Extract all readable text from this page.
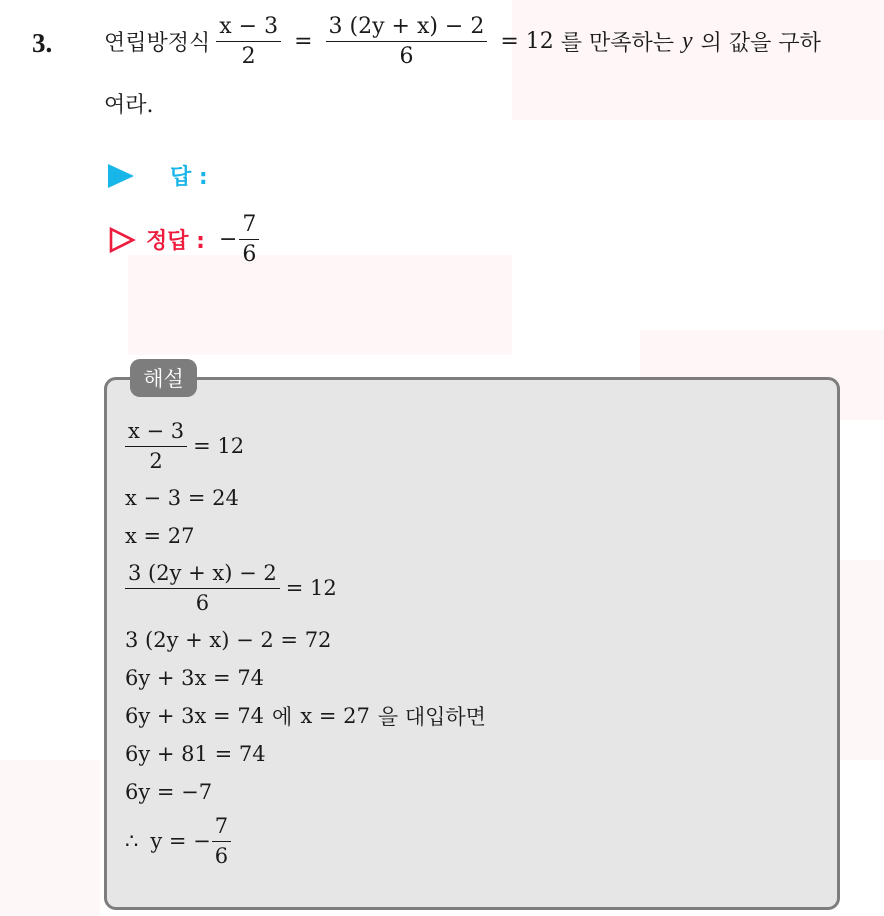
3. 연립방정식 $\frac{x - 3}{2} = \frac{3 (2y + x) - 2}{6} = 12$ 를 만족하는 y 의 값을 구하
여라.
답 :
정답 : − $\frac{7}{6}$
해설
$\frac{x - 3}{2} = 12$
x − 3 = 24
x = 27
$\frac{3 (2y + x) - 2}{6} = 12$
3 (2y + x) − 2 = 72
6y + 3x = 74
6y + 3x = 74 에 x = 27 을 대입하면
6y + 81 = 74
6y = −7
∴ y = − $\frac{7}{6}$
